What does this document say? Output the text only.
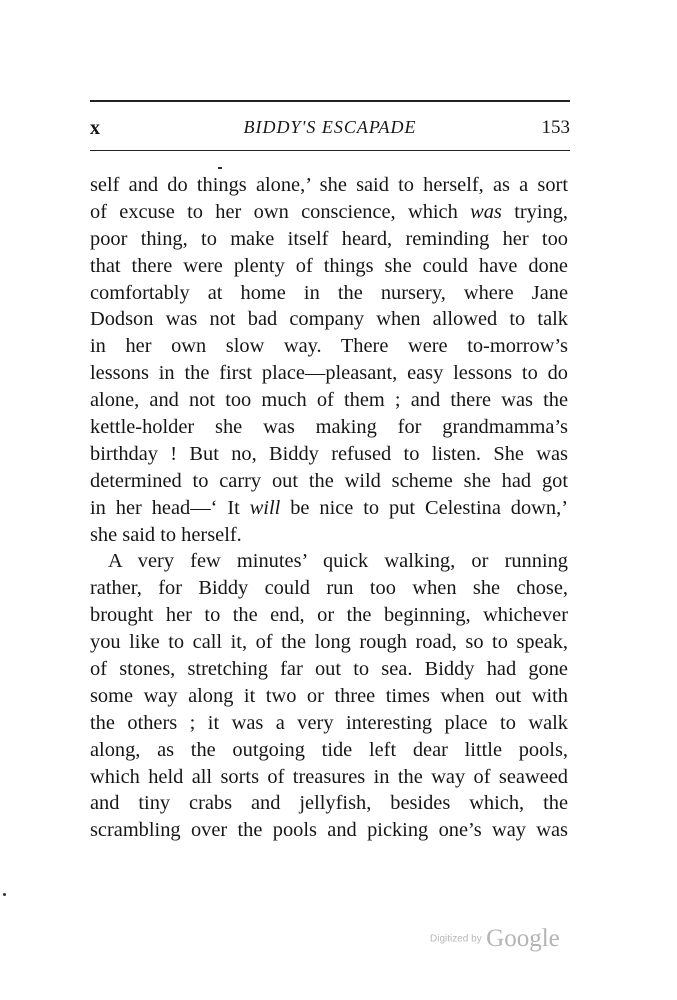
x	BIDDY'S ESCAPADE	153
self and do things alone,’ she said to herself, as a sort
of excuse to her own conscience, which was trying,
poor thing, to make itself heard, reminding her too
that there were plenty of things she could have done
comfortably at home in the nursery, where Jane
Dodson was not bad company when allowed to talk
in her own slow way. There were to-morrow’s
lessons in the first place—pleasant, easy lessons to do
alone, and not too much of them ; and there was the
kettle-holder she was making for grandmamma’s
birthday ! But no, Biddy refused to listen. She was
determined to carry out the wild scheme she had got
in her head—‘ It will be nice to put Celestina down,’
she said to herself.
A very few minutes’ quick walking, or running
rather, for Biddy could run too when she chose,
brought her to the end, or the beginning, whichever
you like to call it, of the long rough road, so to speak,
of stones, stretching far out to sea. Biddy had gone
some way along it two or three times when out with
the others ; it was a very interesting place to walk
along, as the outgoing tide left dear little pools,
which held all sorts of treasures in the way of seaweed
and tiny crabs and jellyfish, besides which, the
scrambling over the pools and picking one’s way was
Digitized by Google
